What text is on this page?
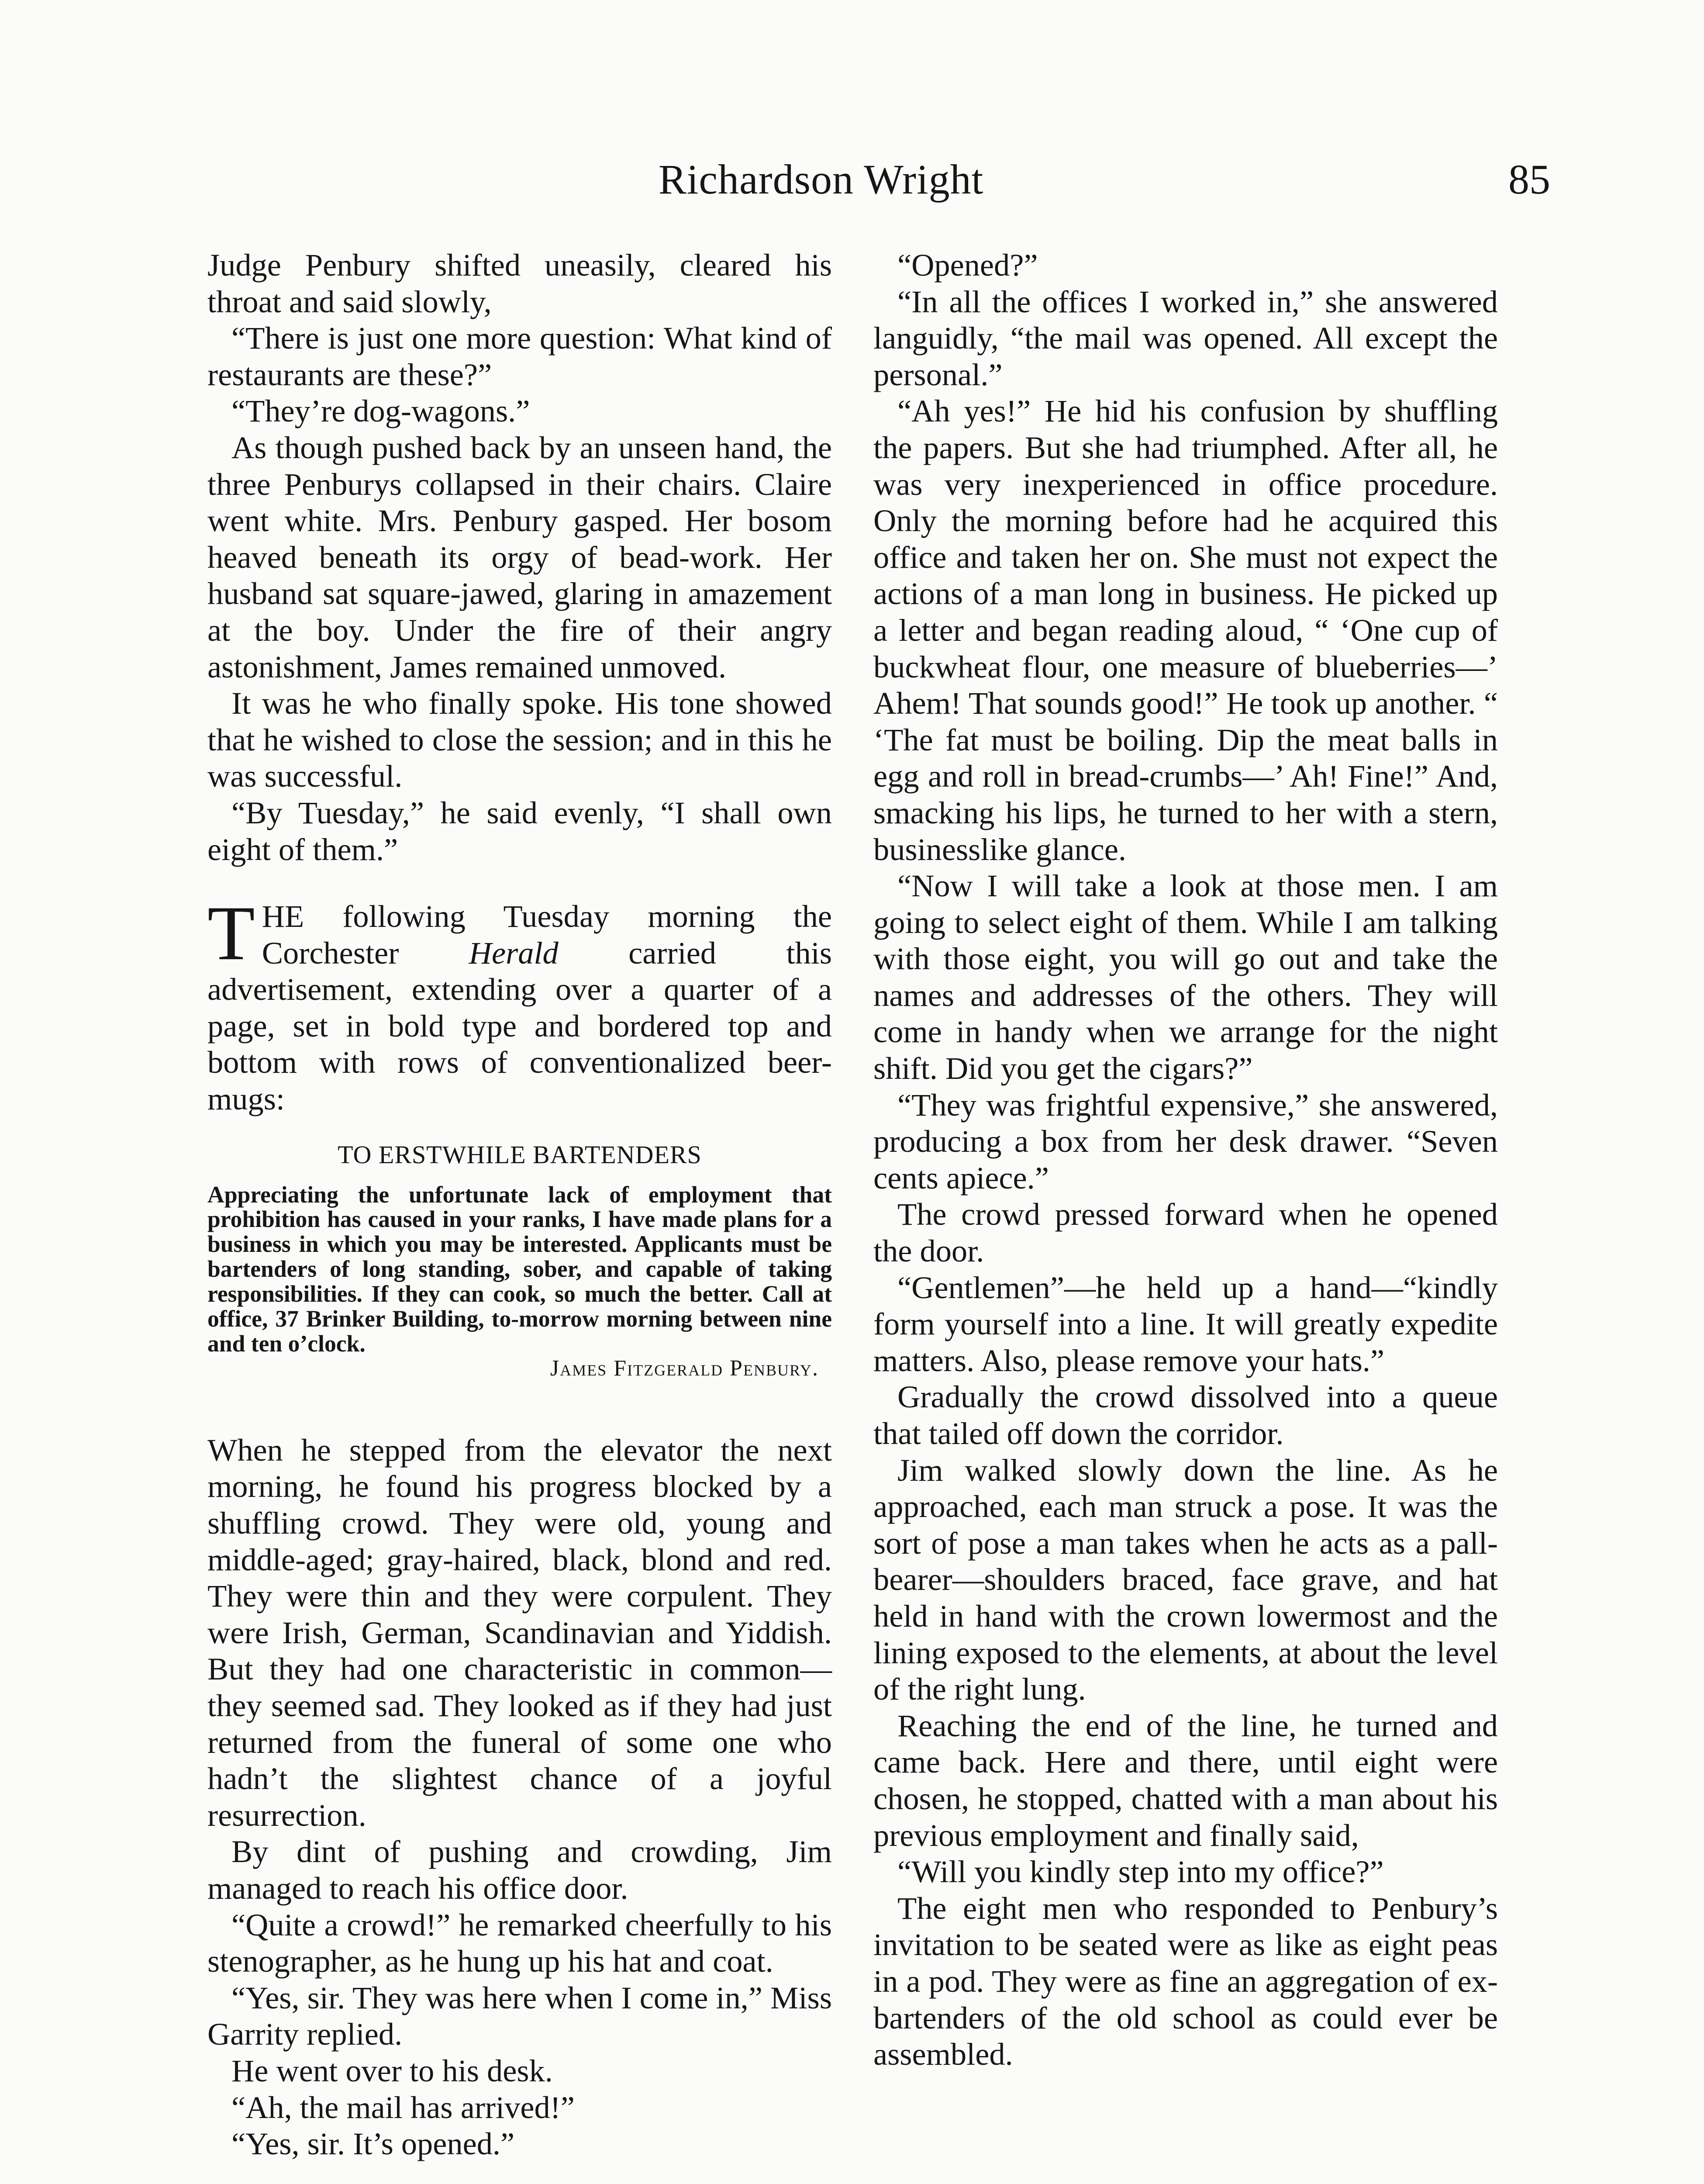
Richardson Wright	85

Judge Penbury shifted uneasily, cleared his throat and said slowly,

“There is just one more question: What kind of restaurants are these?”

“They’re dog-wagons.”

As though pushed back by an unseen hand, the three Penburys collapsed in their chairs. Claire went white. Mrs. Penbury gasped. Her bosom heaved beneath its orgy of bead-work. Her husband sat square-jawed, glaring in amazement at the boy. Under the fire of their angry astonishment, James remained unmoved.

It was he who finally spoke. His tone showed that he wished to close the session; and in this he was successful.

“By Tuesday,” he said evenly, “I shall own eight of them.”

THE following Tuesday morning the Corchester Herald carried this advertisement, extending over a quarter of a page, set in bold type and bordered top and bottom with rows of conventionalized beer-mugs:

TO ERSTWHILE BARTENDERS

Appreciating the unfortunate lack of employment that prohibition has caused in your ranks, I have made plans for a business in which you may be interested. Applicants must be bartenders of long standing, sober, and capable of taking responsibilities. If they can cook, so much the better. Call at office, 37 Brinker Building, to-morrow morning between nine and ten o’clock.

James Fitzgerald Penbury.

When he stepped from the elevator the next morning, he found his progress blocked by a shuffling crowd. They were old, young and middle-aged; gray-haired, black, blond and red. They were thin and they were corpulent. They were Irish, German, Scandinavian and Yiddish. But they had one characteristic in common—they seemed sad. They looked as if they had just returned from the funeral of some one who hadn’t the slightest chance of a joyful resurrection.

By dint of pushing and crowding, Jim managed to reach his office door.

“Quite a crowd!” he remarked cheerfully to his stenographer, as he hung up his hat and coat.

“Yes, sir. They was here when I come in,” Miss Garrity replied.

He went over to his desk.

“Ah, the mail has arrived!”

“Yes, sir. It’s opened.”

“Opened?”

“In all the offices I worked in,” she answered languidly, “the mail was opened. All except the personal.”

“Ah yes!” He hid his confusion by shuffling the papers. But she had triumphed. After all, he was very inexperienced in office procedure. Only the morning before had he acquired this office and taken her on. She must not expect the actions of a man long in business. He picked up a letter and began reading aloud, “ ‘One cup of buckwheat flour, one measure of blueberries—’ Ahem! That sounds good!” He took up another. “ ‘The fat must be boiling. Dip the meat balls in egg and roll in bread-crumbs—’ Ah! Fine!” And, smacking his lips, he turned to her with a stern, businesslike glance.

“Now I will take a look at those men. I am going to select eight of them. While I am talking with those eight, you will go out and take the names and addresses of the others. They will come in handy when we arrange for the night shift. Did you get the cigars?”

“They was frightful expensive,” she answered, producing a box from her desk drawer. “Seven cents apiece.”

The crowd pressed forward when he opened the door.

“Gentlemen”—he held up a hand—“kindly form yourself into a line. It will greatly expedite matters. Also, please remove your hats.”

Gradually the crowd dissolved into a queue that tailed off down the corridor.

Jim walked slowly down the line. As he approached, each man struck a pose. It was the sort of pose a man takes when he acts as a pall-bearer—shoulders braced, face grave, and hat held in hand with the crown lowermost and the lining exposed to the elements, at about the level of the right lung.

Reaching the end of the line, he turned and came back. Here and there, until eight were chosen, he stopped, chatted with a man about his previous employment and finally said,

“Will you kindly step into my office?”

The eight men who responded to Penbury’s invitation to be seated were as like as eight peas in a pod. They were as fine an aggregation of ex-bartenders of the old school as could ever be assembled.
